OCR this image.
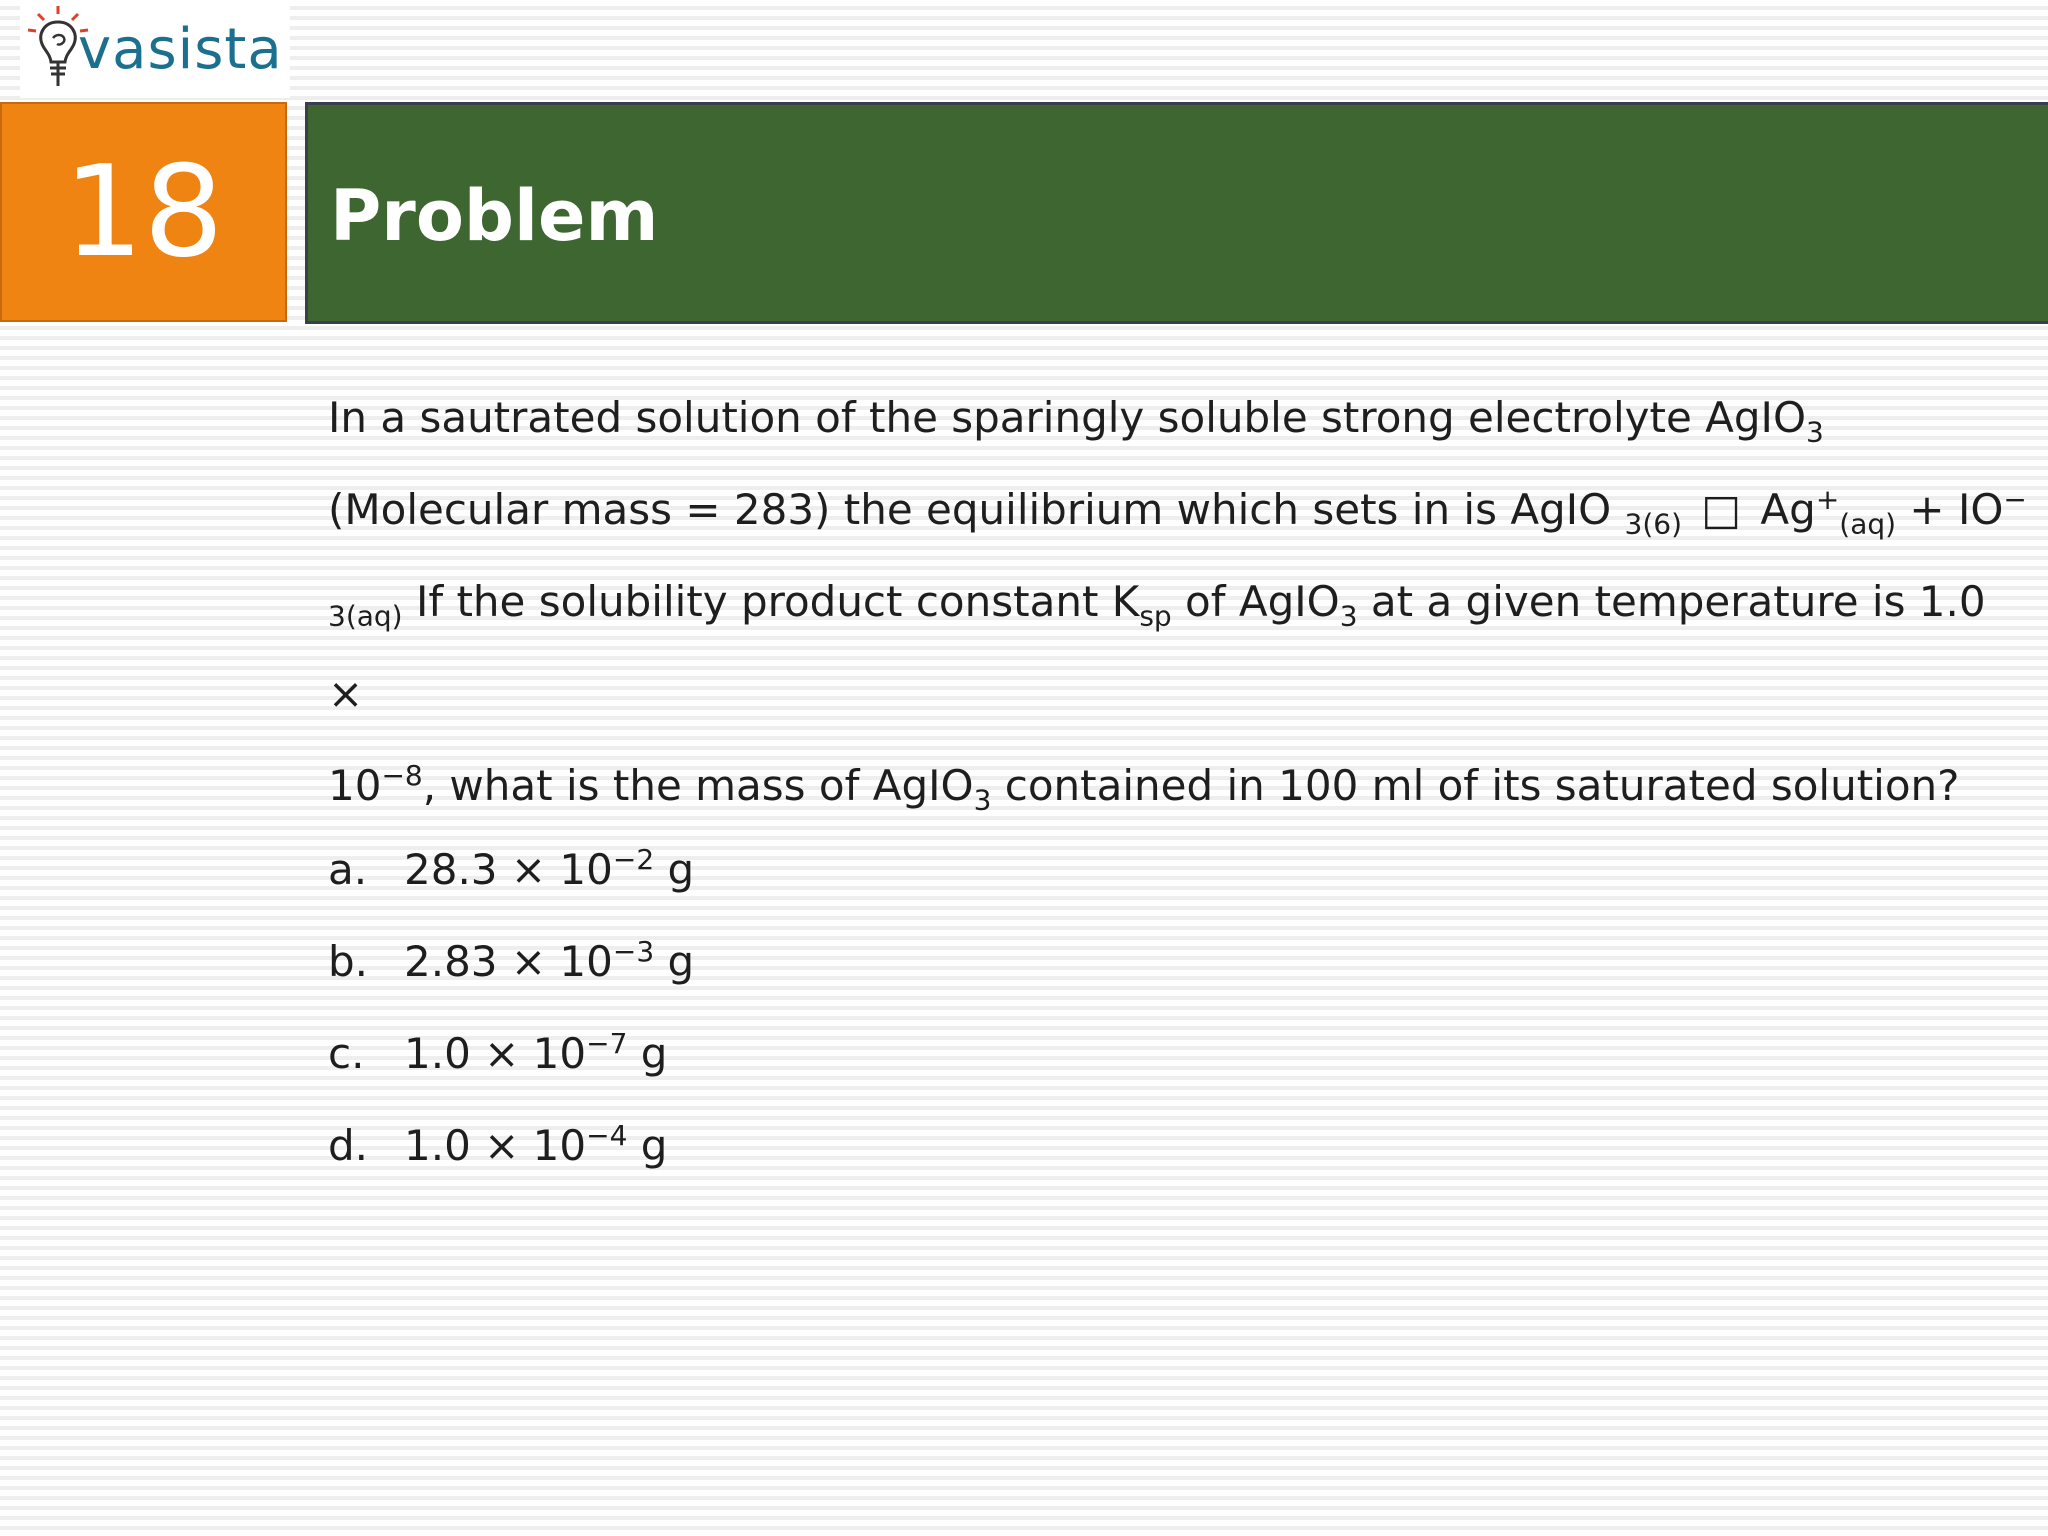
vasista
18 Problem
In a sautrated solution of the sparingly soluble strong electrolyte AgIO$_3$
(Molecular mass = 283) the equilibrium which sets in is AgIO $_{3(6)}$ □ $Ag^+_{(aq)} + IO^-$
$_{3(aq)}$ If the solubility product constant $K_{sp}$ of AgIO$_3$ at a given temperature is 1.0 ×
$10^{-8}$, what is the mass of AgIO$_3$ contained in 100 ml of its saturated solution?
a. $28.3 \times 10^{-2}$ g
b. $2.83 \times 10^{-3}$ g
c. $1.0 \times 10^{-7}$ g
d. $1.0 \times 10^{-4}$ g
